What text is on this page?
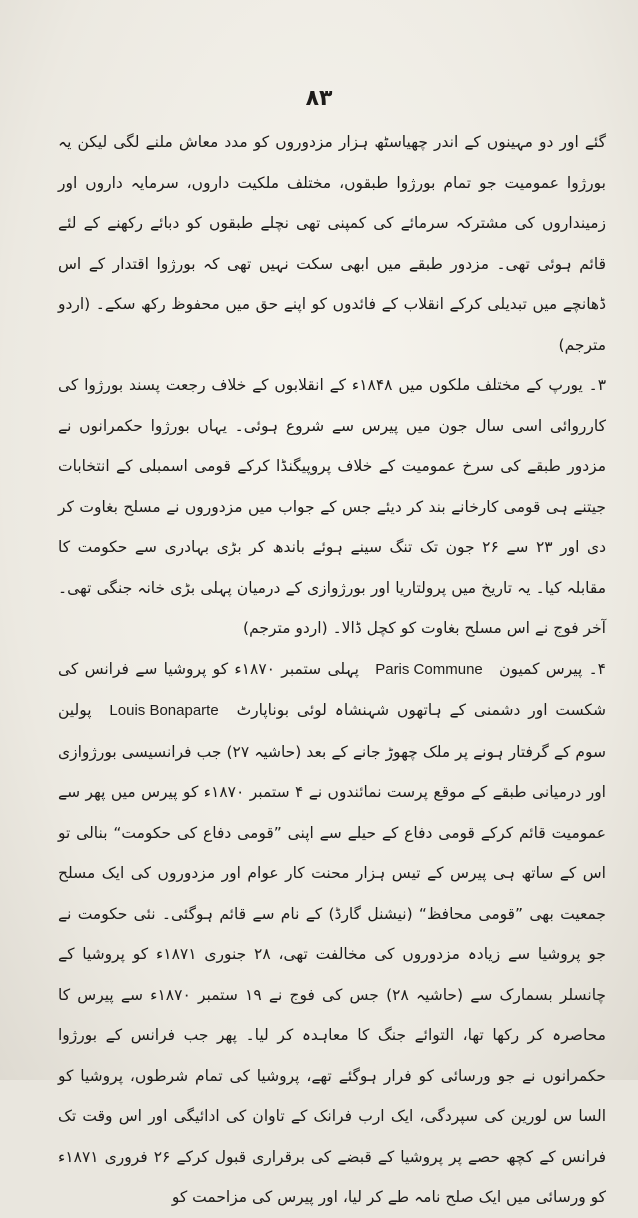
٨٣

گئے اور دو مہینوں کے اندر چھیاسٹھ ہزار مزدوروں کو مدد معاش ملنے لگی لیکن یہ بورژوا عمومیت جو تمام بورژوا طبقوں، مختلف ملکیت داروں، سرمایہ داروں اور زمینداروں کی مشترکہ سرمائے کی کمپنی تھی نچلے طبقوں کو دبائے رکھنے کے لئے قائم ہوئی تھی۔ مزدور طبقے میں ابھی سکت نہیں تھی کہ بورژوا اقتدار کے اس ڈھانچے میں تبدیلی کرکے انقلاب کے فائدوں کو اپنے حق میں محفوظ رکھ سکے۔ (اردو مترجم)

۳۔ یورپ کے مختلف ملکوں میں ۱۸۴۸ء کے انقلابوں کے خلاف رجعت پسند بورژوا کی کارروائی اسی سال جون میں پیرس سے شروع ہوئی۔ یہاں بورژوا حکمرانوں نے مزدور طبقے کی سرخ عمومیت کے خلاف پروپیگنڈا کرکے قومی اسمبلی کے انتخابات جیتنے ہی قومی کارخانے بند کر دیئے جس کے جواب میں مزدوروں نے مسلح بغاوت کر دی اور ۲۳ سے ۲۶ جون تک تنگ سینے ہوئے باندھ کر بڑی بہادری سے حکومت کا مقابلہ کیا۔ یہ تاریخ میں پرولتاریا اور بورژوازی کے درمیان پہلی بڑی خانہ جنگی تھی۔ آخر فوج نے اس مسلح بغاوت کو کچل ڈالا۔ (اردو مترجم)

۴۔ پیرس کمیون Paris Commune پہلی ستمبر ۱۸۷۰ء کو پروشیا سے فرانس کی شکست اور دشمنی کے ہاتھوں شہنشاہ لوئی بوناپارٹ Louis Bonaparte پولین سوم کے گرفتار ہونے پر ملک چھوڑ جانے کے بعد (حاشیہ ۲۷) جب فرانسیسی بورژوازی اور درمیانی طبقے کے موقع پرست نمائندوں نے ۴ ستمبر ۱۸۷۰ء کو پیرس میں پھر سے عمومیت قائم کرکے قومی دفاع کے حیلے سے اپنی ”قومی دفاع کی حکومت“ بنالی تو اس کے ساتھ ہی پیرس کے تیس ہزار محنت کار عوام اور مزدوروں کی ایک مسلح جمعیت بھی ”قومی محافظ“ (نیشنل گارڈ) کے نام سے قائم ہوگئی۔ نئی حکومت نے جو پروشیا سے زیادہ مزدوروں کی مخالفت تھی، ۲۸ جنوری ۱۸۷۱ء کو پروشیا کے چانسلر بسمارک سے (حاشیہ ۲۸) جس کی فوج نے ۱۹ ستمبر ۱۸۷۰ء سے پیرس کا محاصرہ کر رکھا تھا، التوائے جنگ کا معاہدہ کر لیا۔ پھر جب فرانس کے بورژوا حکمرانوں نے جو ورسائی کو فرار ہوگئے تھے، پروشیا کی تمام شرطوں، پروشیا کو السا س لورین کی سپردگی، ایک ارب فرانک کے تاوان کی ادائیگی اور اس وقت تک فرانس کے کچھ حصے پر پروشیا کے قبضے کی برقراری قبول کرکے ۲۶ فروری ۱۸۷۱ء کو ورسائی میں ایک صلح نامہ طے کر لیا، اور پیرس کی مزاحمت کو
